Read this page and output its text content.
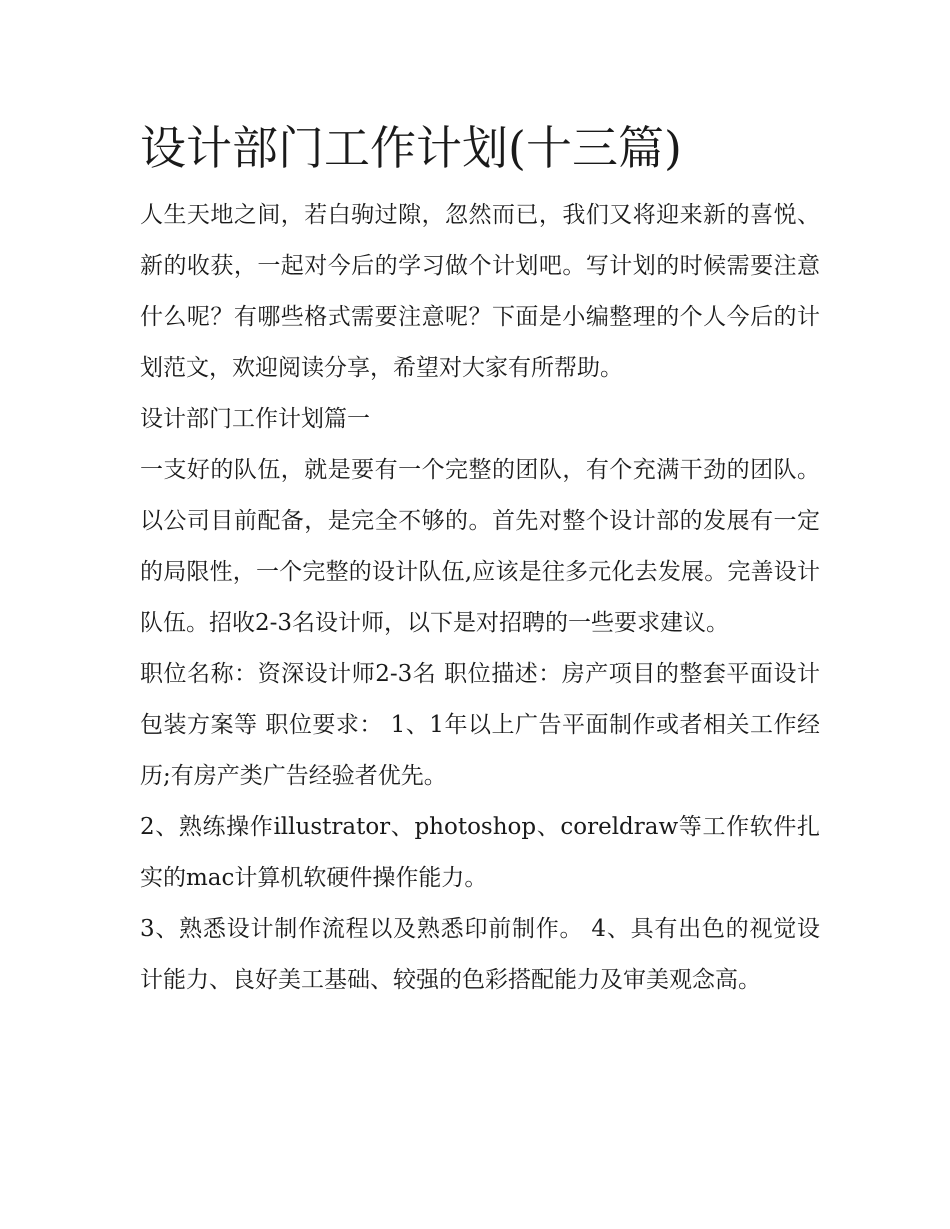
设计部门工作计划(十三篇)

人生天地之间，若白驹过隙，忽然而已，我们又将迎来新的喜悦、新的收获，一起对今后的学习做个计划吧。写计划的时候需要注意什么呢？有哪些格式需要注意呢？下面是小编整理的个人今后的计划范文，欢迎阅读分享，希望对大家有所帮助。

设计部门工作计划篇一

一支好的队伍，就是要有一个完整的团队，有个充满干劲的团队。以公司目前配备，是完全不够的。首先对整个设计部的发展有一定的局限性，一个完整的设计队伍,应该是往多元化去发展。完善设计队伍。招收2-3名设计师，以下是对招聘的一些要求建议。

职位名称：资深设计师2-3名 职位描述：房产项目的整套平面设计包装方案等 职位要求： 1、1年以上广告平面制作或者相关工作经历;有房产类广告经验者优先。

2、熟练操作illustrator、photoshop、coreldraw等工作软件扎实的mac计算机软硬件操作能力。

3、熟悉设计制作流程以及熟悉印前制作。 4、具有出色的视觉设计能力、良好美工基础、较强的色彩搭配能力及审美观念高。
